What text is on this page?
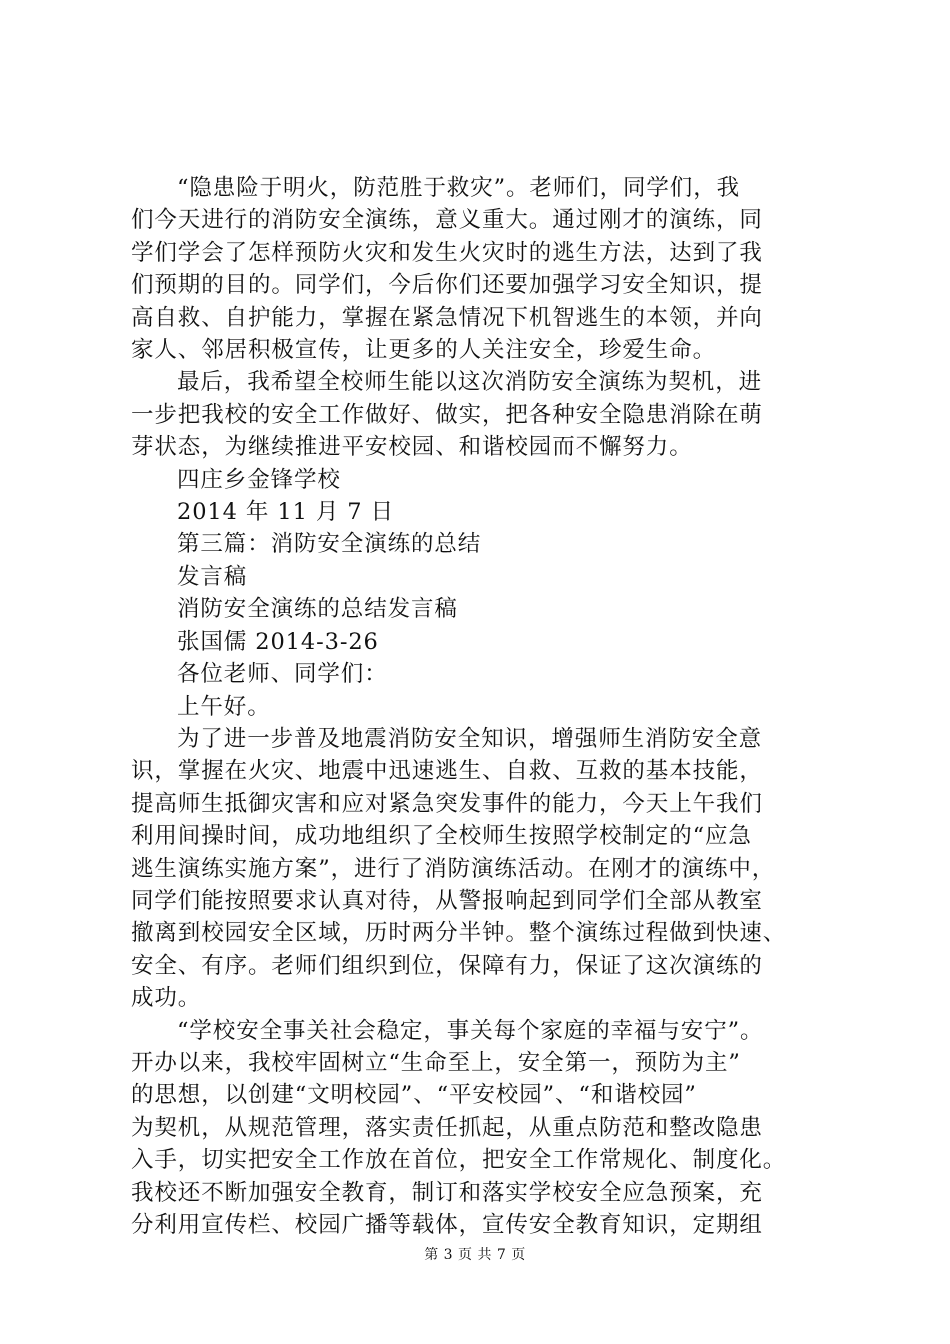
“隐患险于明火，防范胜于救灾”。老师们，同学们，我

们今天进行的消防安全演练，意义重大。通过刚才的演练，同

学们学会了怎样预防火灾和发生火灾时的逃生方法，达到了我

们预期的目的。同学们，今后你们还要加强学习安全知识，提

高自救、自护能力，掌握在紧急情况下机智逃生的本领，并向

家人、邻居积极宣传，让更多的人关注安全，珍爱生命。

最后，我希望全校师生能以这次消防安全演练为契机，进

一步把我校的安全工作做好、做实，把各种安全隐患消除在萌

芽状态，为继续推进平安校园、和谐校园而不懈努力。

四庄乡金锋学校

2014 年 11 月 7 日

第三篇：消防安全演练的总结

发言稿

消防安全演练的总结发言稿

张国儒 2014-3-26

各位老师、同学们：

上午好。

为了进一步普及地震消防安全知识，增强师生消防安全意

识，掌握在火灾、地震中迅速逃生、自救、互救的基本技能，

提高师生抵御灾害和应对紧急突发事件的能力，今天上午我们

利用间操时间，成功地组织了全校师生按照学校制定的“应急

逃生演练实施方案”，进行了消防演练活动。在刚才的演练中，

同学们能按照要求认真对待，从警报响起到同学们全部从教室

撤离到校园安全区域，历时两分半钟。整个演练过程做到快速、

安全、有序。老师们组织到位，保障有力，保证了这次演练的

成功。

“学校安全事关社会稳定，事关每个家庭的幸福与安宁”。

开办以来，我校牢固树立“生命至上，安全第一，预防为主”

的思想，以创建“文明校园”、“平安校园”、“和谐校园”

为契机，从规范管理，落实责任抓起，从重点防范和整改隐患

入手，切实把安全工作放在首位，把安全工作常规化、制度化。

我校还不断加强安全教育，制订和落实学校安全应急预案，充

分利用宣传栏、校园广播等载体，宣传安全教育知识，定期组

第 3 页 共 7 页
